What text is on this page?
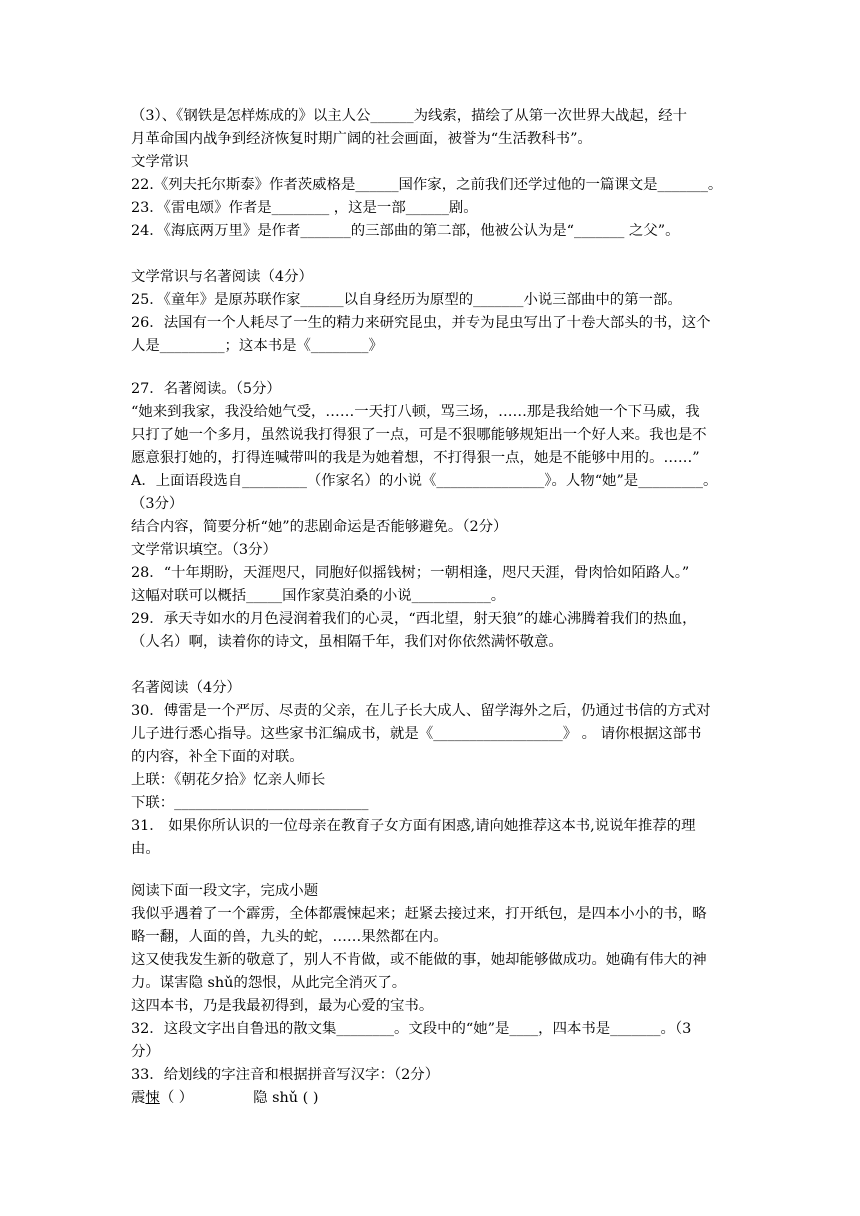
（3）、《钢铁是怎样炼成的》以主人公______为线索，描绘了从第一次世界大战起，经十
月革命国内战争到经济恢复时期广阔的社会画面，被誉为“生活教科书”。
文学常识
22.《列夫托尔斯泰》作者茨威格是______国作家，之前我们还学过他的一篇课文是_______。
23．《雷电颂》作者是________ ，这是一部______剧。
24．《海底两万里》是作者_______的三部曲的第二部，他被公认为是“_______ 之父”。
文学常识与名著阅读（4分）
25．《童年》是原苏联作家______以自身经历为原型的_______小说三部曲中的第一部。
26．法国有一个人耗尽了一生的精力来研究昆虫，并专为昆虫写出了十卷大部头的书，这个
人是_________；这本书是《________》
27．名著阅读。（5分）
“她来到我家，我没给她气受，……一天打八顿，骂三场，……那是我给她一个下马威，我
只打了她一个多月，虽然说我打得狠了一点，可是不狠哪能够规矩出一个好人来。我也是不
愿意狠打她的，打得连喊带叫的我是为她着想，不打得狠一点，她是不能够中用的。……”
A．上面语段选自_________（作家名）的小说《_______________》。人物“她”是_________。
（3分）
结合内容，简要分析“她”的悲剧命运是否能够避免。（2分）
文学常识填空。（3分）
28．“十年期盼，天涯咫尺，同胞好似摇钱树；一朝相逢，咫尺天涯，骨肉恰如陌路人。”
这幅对联可以概括_____国作家莫泊桑的小说___________。
29．承天寺如水的月色浸润着我们的心灵，“西北望，射天狼”的雄心沸腾着我们的热血，
（人名）啊，读着你的诗文，虽相隔千年，我们对你依然满怀敬意。
名著阅读（4分）
30．傅雷是一个严厉、尽责的父亲，在儿子长大成人、留学海外之后，仍通过书信的方式对
儿子进行悉心指导。这些家书汇编成书，就是《__________________》 。 请你根据这部书
的内容，补全下面的对联。
上联：《朝花夕拾》忆亲人师长
下联：___________________________
31． 如果你所认识的一位母亲在教育子女方面有困惑,请向她推荐这本书,说说年推荐的理
由。
阅读下面一段文字，完成小题
我似乎遇着了一个霹雳，全体都震悚起来；赶紧去接过来，打开纸包，是四本小小的书，略
略一翻，人面的兽，九头的蛇，……果然都在内。
这又使我发生新的敬意了，别人不肯做，或不能做的事，她却能够做成功。她确有伟大的神
力。谋害隐 shǔ的怨恨，从此完全消灭了。
这四本书，乃是我最初得到，最为心爱的宝书。
32．这段文字出自鲁迅的散文集________。文段中的“她”是____，四本书是_______。（3
分）
33．给划线的字注音和根据拼音写汉字：（2分）
震悚（ ）	隐 shǔ ( )
